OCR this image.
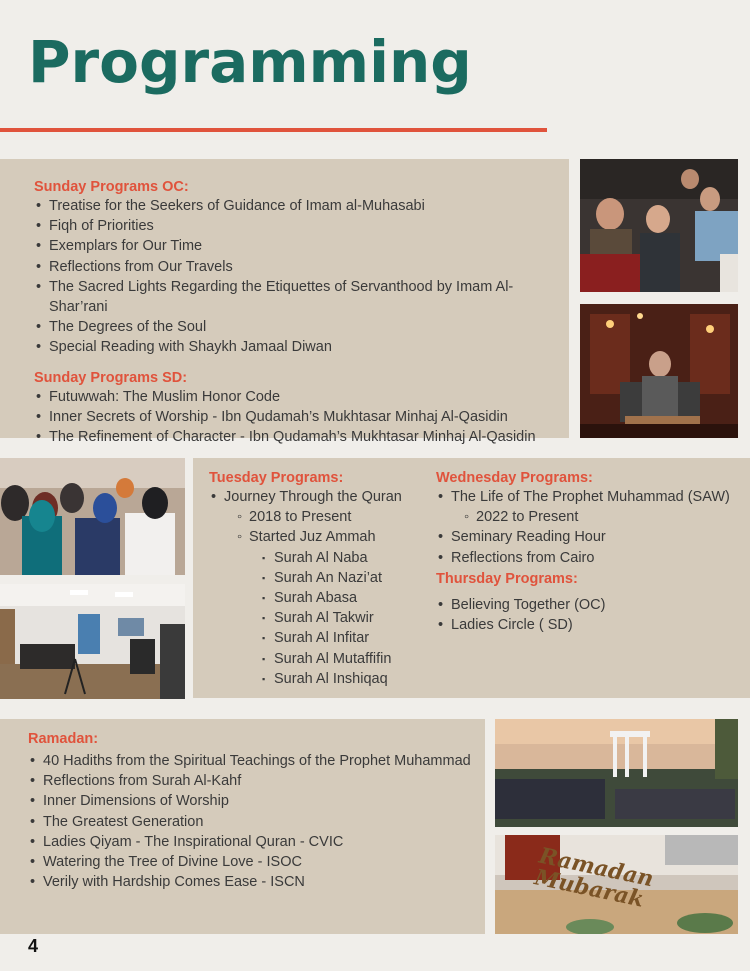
Programming

Sunday Programs OC:

• Treatise for the Seekers of Guidance of Imam al-Muhasabi
• Fiqh of Priorities
• Exemplars for Our Time
• Reflections from Our Travels
• The Sacred Lights Regarding the Etiquettes of Servanthood by Imam Al-Shar’rani
• The Degrees of the Soul
• Special Reading with Shaykh Jamaal Diwan

Sunday Programs SD:

• Futuwwah: The Muslim Honor Code
• Inner Secrets of Worship - Ibn Qudamah’s Mukhtasar Minhaj Al-Qasidin
• The Refinement of Character - Ibn Qudamah’s Mukhtasar Minhaj Al-Qasidin

Tuesday Programs:

• Journey Through the Quran
◦ 2018 to Present
◦ Started Juz Ammah
▪ Surah Al Naba
▪ Surah An Nazi’at
▪ Surah Abasa
▪ Surah Al Takwir
▪ Surah Al Infitar
▪ Surah Al Mutaffifin
▪ Surah Al Inshiqaq

Wednesday Programs:

• The Life of The Prophet Muhammad (SAW)
◦ 2022 to Present
• Seminary Reading Hour
• Reflections from Cairo

Thursday Programs:

• Believing Together (OC)
• Ladies Circle ( SD)

Ramadan:

• 40 Hadiths from the Spiritual Teachings of the Prophet Muhammad
• Reflections from Surah Al-Kahf
• Inner Dimensions of Worship
• The Greatest Generation
• Ladies Qiyam - The Inspirational Quran - CVIC
• Watering the Tree of Divine Love - ISOC
• Verily with Hardship Comes Ease - ISCN	Ramadan Mubarak
4
